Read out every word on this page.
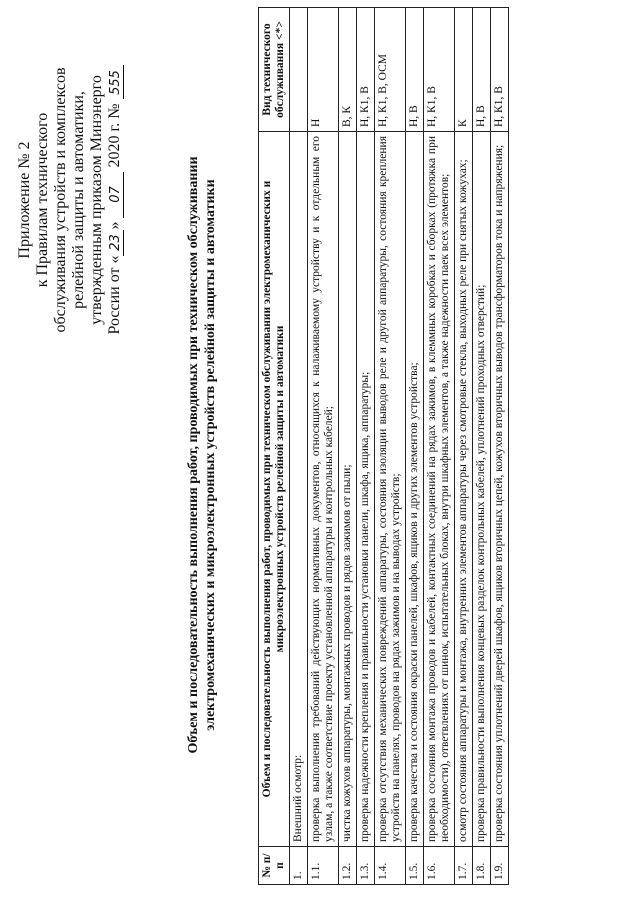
Приложение № 2 к Правилам технического обслуживания устройств и комплексов релейной защиты и автоматики, утвержденным приказом Минэнерго России от «23» 07 2020 г. № 555
Объем и последовательность выполнения работ, проводимых при техническом обслуживании электромеханических и микроэлектронных устройств релейной защиты и автоматики
№ п/п	Объем и последовательность выполнения работ, проводимых при техническом обслуживании электромеханических и микроэлектронных устройств релейной защиты и автоматики	Вид технического обслуживания <*>
1.	Внешний осмотр:	
1.1.	проверка выполнения требований действующих нормативных документов, относящихся к налаживаемому устройству и к отдельным его узлам, а также соответствие проекту установленной аппаратуры и контрольных кабелей;	Н
1.2.	чистка кожухов аппаратуры, монтажных проводов и рядов зажимов от пыли;	В, К
1.3.	проверка надежности крепления и правильности установки панели, шкафа, ящика, аппаратуры;	Н, К1, В
1.4.	проверка отсутствия механических повреждений аппаратуры, состояния изоляции выводов реле и другой аппаратуры, состояния крепления устройств на панелях, проводов на рядах зажимов и на выводах устройств;	Н, К1, В, ОСМ
1.5.	проверка качества и состояния окраски панелей, шкафов, ящиков и других элементов устройства;	Н, В
1.6.	проверка состояния монтажа проводов и кабелей, контактных соединений на рядах зажимов, в клеммных коробках и сборках (протяжка при необходимости), ответвлениях от шинок, испытательных блоках, внутри шкафных элементов, а также надежности паек всех элементов;	Н, К1, В
1.7.	осмотр состояния аппаратуры и монтажа, внутренних элементов аппаратуры через смотровые стекла, выходных реле при снятых кожухах;	К
1.8.	проверка правильности выполнения концевых разделок контрольных кабелей, уплотнений проходных отверстий;	Н, В
1.9.	проверка состояния уплотнений дверей шкафов, ящиков вторичных цепей, кожухов вторичных выводов трансформаторов тока и напряжения;	Н, К1, В
